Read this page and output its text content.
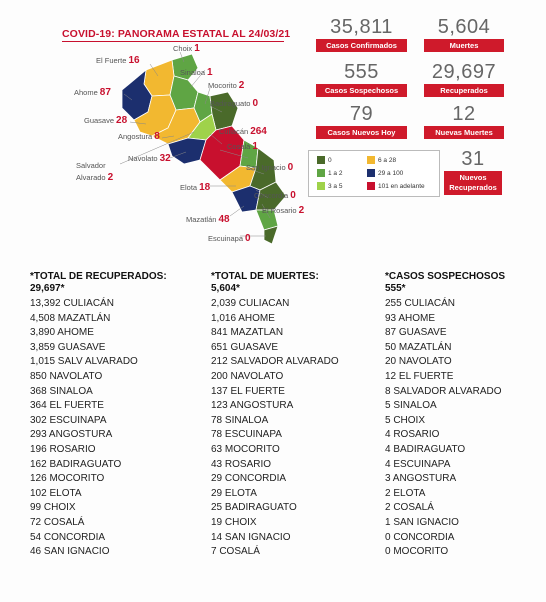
COVID-19: PANORAMA ESTATAL AL 24/03/21
Choix 1
El Fuerte 16
Sinaloa 1
Mocorito 2
Ahome 87
Badiraguato 0
Guasave 28
Angostura 8	Culiacán 264
Cosalá 1
Navolato 32
San Ignacio 0
Salvador
Alvarado 2
Elota 18
Concordia 0
El Rosario 2
Mazatlán 48
Escuinapa 0
0
1 a 2
3 a 5
6 a 28
29 a 100
101 en adelante
35,811
Casos Confirmados
5,604
Muertes
555
Casos Sospechosos
29,697
Recuperados
79
Casos Nuevos Hoy
12
Nuevas Muertes
31
Nuevos
Recuperados
*TOTAL DE RECUPERADOS:
29,697*
13,392 CULIACÁN
4,508 MAZATLÁN
3,890 AHOME
3,859 GUASAVE
1,015 SALV ALVARADO
850 NAVOLATO
368 SINALOA
364 EL FUERTE
302 ESCUINAPA
293 ANGOSTURA
196 ROSARIO
162 BADIRAGUATO
126 MOCORITO
102 ELOTA
99 CHOIX
72 COSALÁ
54 CONCORDIA
46 SAN IGNACIO
*TOTAL DE MUERTES:
5,604*
2,039 CULIACAN
1,016 AHOME
841 MAZATLAN
651 GUASAVE
212 SALVADOR ALVARADO
200 NAVOLATO
137 EL FUERTE
123 ANGOSTURA
78 SINALOA
78 ESCUINAPA
63 MOCORITO
43 ROSARIO
29 CONCORDIA
29 ELOTA
25 BADIRAGUATO
19 CHOIX
14 SAN IGNACIO
7 COSALÁ
*CASOS SOSPECHOSOS
555*
255 CULIACÁN
93 AHOME
87 GUASAVE
50 MAZATLÁN
20 NAVOLATO
12 EL FUERTE
8 SALVADOR ALVARADO
5 SINALOA
5 CHOIX
4 ROSARIO
4 BADIRAGUATO
4 ESCUINAPA
3 ANGOSTURA
2 ELOTA
2 COSALÁ
1 SAN IGNACIO
0 CONCORDIA
0 MOCORITO
